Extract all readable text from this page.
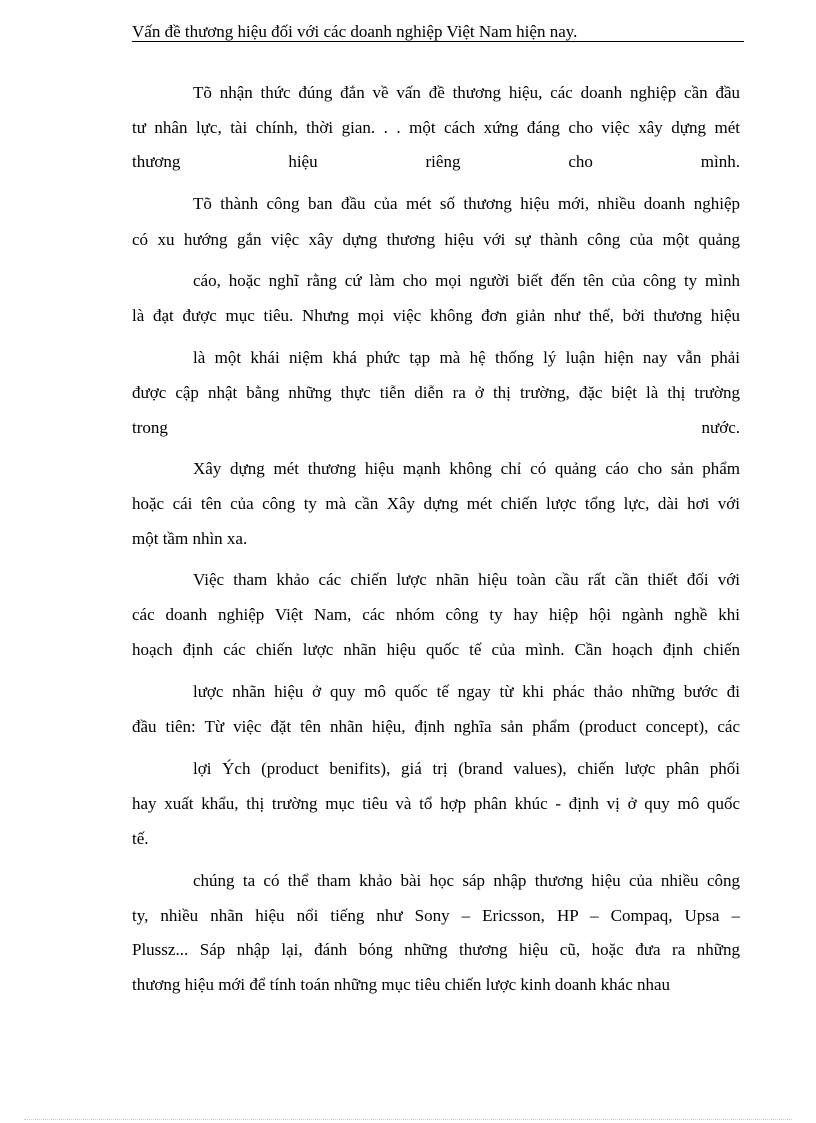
Vấn đề thương hiệu đối với các doanh nghiệp Việt Nam hiện nay.
Tõ nhận thức đúng đắn về vấn đề thương hiệu, các doanh nghiệp cần đầu
tư nhân lực, tài chính, thời gian. . . một cách xứng đáng cho việc xây dựng mét
thương hiệu riêng cho mình.
Tõ thành công ban đầu của mét số thương hiệu mới, nhiều doanh nghiệp
có xu hướng gắn việc xây dựng thương hiệu với sự thành công của một quảng
cáo, hoặc nghĩ rằng cứ làm cho mọi người biết đến tên của công ty mình
là đạt được mục tiêu. Nhưng mọi việc không đơn giản như thế, bởi thương hiệu
là một khái niệm khá phức tạp mà hệ thống lý luận hiện nay vẫn phải
được cập nhật bằng những thực tiễn diễn ra ở thị trường, đặc biệt là thị trường
trong nước.
Xây dựng mét thương hiệu mạnh không chỉ có quảng cáo cho sản phẩm
hoặc cái tên của công ty mà cần Xây dựng mét chiến lược tổng lực, dài hơi với
một tầm nhìn xa.
Việc tham khảo các chiến lược nhãn hiệu toàn cầu rất cần thiết đối với
các doanh nghiệp Việt Nam, các nhóm công ty hay hiệp hội ngành nghề khi
hoạch định các chiến lược nhãn hiệu quốc tế của mình. Cần hoạch định chiến
lược nhãn hiệu ở quy mô quốc tế ngay từ khi phác thảo những bước đi
đầu tiên: Từ việc đặt tên nhãn hiệu, định nghĩa sản phẩm (product concept), các
lợi Ých (product benifits), giá trị (brand values), chiến lược phân phối
hay xuất khẩu, thị trường mục tiêu và tổ hợp phân khúc - định vị ở quy mô quốc
tế.
chúng ta có thể tham khảo bài học sáp nhập thương hiệu của nhiều công
ty, nhiều nhãn hiệu nổi tiếng như Sony – Ericsson, HP – Compaq, Upsa –
Plussz... Sáp nhập lại, đánh bóng những thương hiệu cũ, hoặc đưa ra những
thương hiệu mới để tính toán những mục tiêu chiến lược kinh doanh khác nhau
